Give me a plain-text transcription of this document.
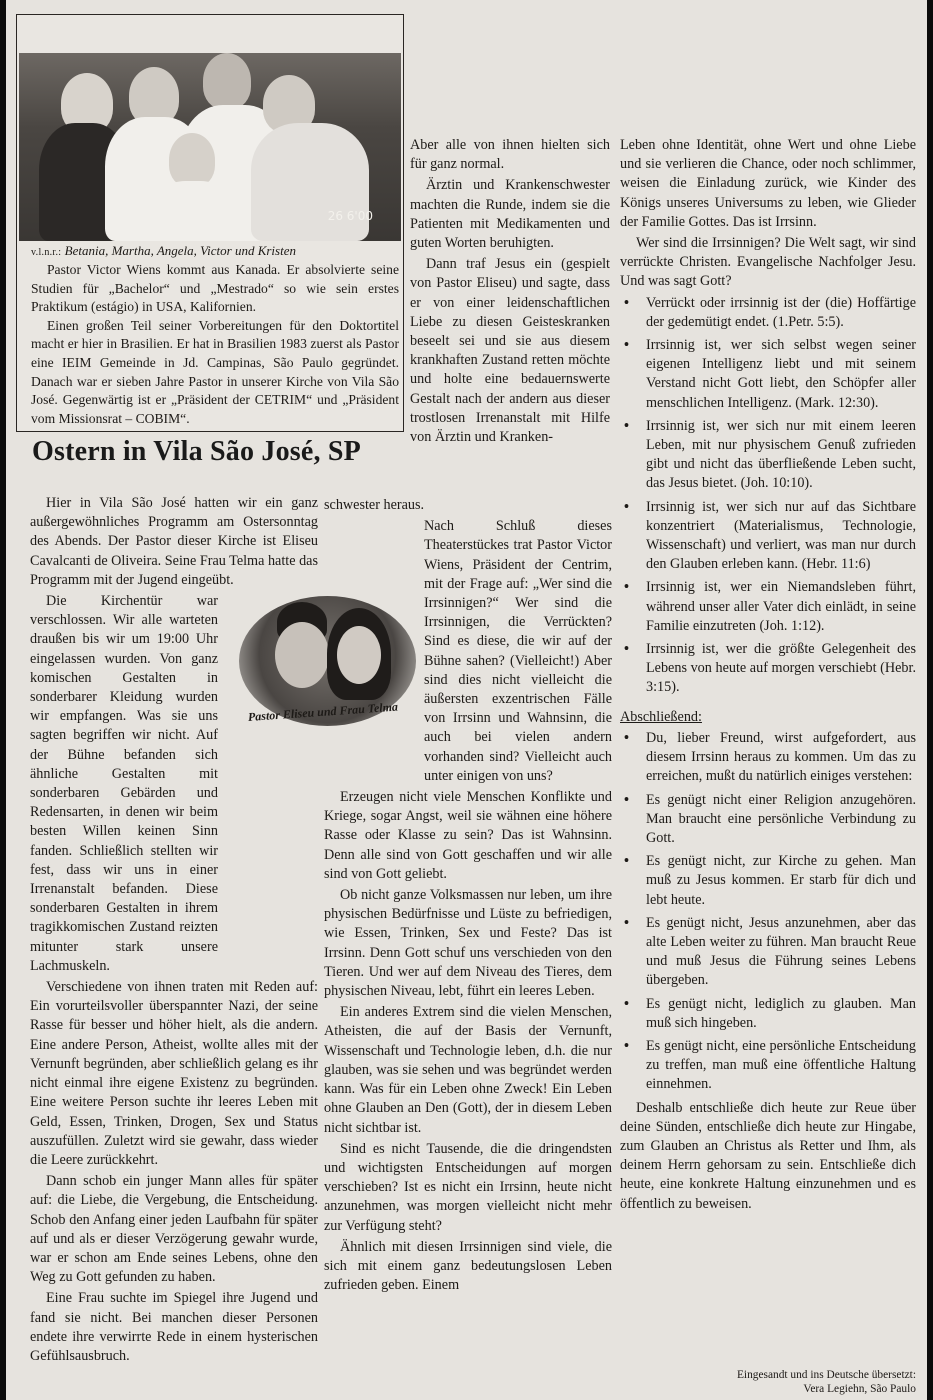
26 6'00
v.l.n.r.: Betania, Martha, Angela, Victor und Kristen

Pastor Victor Wiens kommt aus Kanada. Er absolvierte seine Studien für „Bachelor“ und „Mestrado“ so wie sein erstes Praktikum (estágio) in USA, Kalifornien.

Einen großen Teil seiner Vorbereitungen für den Doktortitel macht er hier in Brasilien. Er hat in Brasilien 1983 zuerst als Pastor eine IEIM Gemeinde in Jd. Campinas, São Paulo gegründet. Danach war er sieben Jahre Pastor in unserer Kirche von Vila São José. Gegenwärtig ist er „Präsident der CETRIM“ und „Präsident vom Missionsrat – COBIM“.

Ostern in Vila São José, SP
Pastor Eliseu und Frau Telma

Hier in Vila São José hatten wir ein ganz außergewöhnliches Programm am Ostersonntag des Abends. Der Pastor dieser Kirche ist Eliseu Cavalcanti de Oliveira. Seine Frau Telma hatte das Programm mit der Jugend eingeübt.

Die Kirchentür war verschlossen. Wir alle warteten draußen bis wir um 19:00 Uhr eingelassen wurden. Von ganz komischen Gestalten in sonderbarer Kleidung wurden wir empfangen. Was sie uns sagten begriffen wir nicht. Auf der Bühne befanden sich ähnliche Gestalten mit sonderbaren Gebärden und Redensarten, in denen wir beim besten Willen keinen Sinn fanden. Schließlich stellten wir fest, dass wir uns in einer Irrenanstalt befanden. Diese sonderbaren Gestalten in ihrem tragikkomischen Zustand reizten mitunter stark unsere Lachmuskeln.

Verschiedene von ihnen traten mit Reden auf: Ein vorurteilsvoller überspannter Nazi, der seine Rasse für besser und höher hielt, als die andern. Eine andere Person, Atheist, wollte alles mit der Vernunft begründen, aber schließlich gelang es ihr nicht einmal ihre eigene Existenz zu begründen. Eine weitere Person suchte ihr leeres Leben mit Geld, Essen, Trinken, Drogen, Sex und Status auszufüllen. Zuletzt wird sie gewahr, dass wieder die Leere zurückkehrt.

Dann schob ein junger Mann alles für später auf: die Liebe, die Vergebung, die Entscheidung. Schob den Anfang einer jeden Laufbahn für später auf und als er dieser Verzögerung gewahr wurde, war er schon am Ende seines Lebens, ohne den Weg zu Gott gefunden zu haben.

Eine Frau suchte im Spiegel ihre Jugend und fand sie nicht. Bei manchen dieser Personen endete ihre verwirrte Rede in einem hysterischen Gefühlsausbruch.

Aber alle von ihnen hielten sich für ganz normal.

Ärztin und Krankenschwester machten die Runde, indem sie die Patienten mit Medikamenten und guten Worten beruhigten.

Dann traf Jesus ein (gespielt von Pastor Eliseu) und sagte, dass er von einer leidenschaftlichen Liebe zu diesen Geisteskranken beseelt sei und sie aus diesem krankhaften Zustand retten möchte und holte eine bedauernswerte Gestalt nach der andern aus dieser trostlosen Irrenanstalt mit Hilfe von Ärztin und Kranken-

schwester heraus.

Nach Schluß dieses Theaterstückes trat Pastor Victor Wiens, Präsident der Centrim, mit der Frage auf: „Wer sind die Irrsinnigen?“ Wer sind die Irrsinnigen, die Verrückten? Sind es diese, die wir auf der Bühne sahen? (Vielleicht!) Aber sind dies nicht vielleicht die äußersten exzentrischen Fälle von Irrsinn und Wahnsinn, die auch bei vielen andern vorhanden sind? Vielleicht auch unter einigen von uns?

Erzeugen nicht viele Menschen Konflikte und Kriege, sogar Angst, weil sie wähnen eine höhere Rasse oder Klasse zu sein? Das ist Wahnsinn. Denn alle sind von Gott geschaffen und wir alle sind von Gott geliebt.

Ob nicht ganze Volksmassen nur leben, um ihre physischen Bedürfnisse und Lüste zu befriedigen, wie Essen, Trinken, Sex und Feste? Das ist Irrsinn. Denn Gott schuf uns verschieden von den Tieren. Und wer auf dem Niveau des Tieres, dem physischen Niveau, lebt, führt ein leeres Leben.

Ein anderes Extrem sind die vielen Menschen, Atheisten, die auf der Basis der Vernunft, Wissenschaft und Technologie leben, d.h. die nur glauben, was sie sehen und was begründet werden kann. Was für ein Leben ohne Zweck! Ein Leben ohne Glauben an Den (Gott), der in diesem Leben nicht sichtbar ist.

Sind es nicht Tausende, die die dringendsten und wichtigsten Entscheidungen auf morgen verschieben? Ist es nicht ein Irrsinn, heute nicht anzunehmen, was morgen vielleicht nicht mehr zur Verfügung steht?

Ähnlich mit diesen Irrsinnigen sind viele, die sich mit einem ganz bedeutungslosen Leben zufrieden geben. Einem

Leben ohne Identität, ohne Wert und ohne Liebe und sie verlieren die Chance, oder noch schlimmer, weisen die Einladung zurück, wie Kinder des Königs unseres Universums zu leben, wie Glieder der Familie Gottes. Das ist Irrsinn.

Wer sind die Irrsinnigen? Die Welt sagt, wir sind verrückte Christen. Evangelische Nachfolger Jesu. Und was sagt Gott?

• Verrückt oder irrsinnig ist der (die) Hoffärtige der gedemütigt endet. (1.Petr. 5:5).

• Irrsinnig ist, wer sich selbst wegen seiner eigenen Intelligenz liebt und mit seinem Verstand nicht Gott liebt, den Schöpfer aller menschlichen Intelligenz. (Mark. 12:30).

• Irrsinnig ist, wer sich nur mit einem leeren Leben, mit nur physischem Genuß zufrieden gibt und nicht das überfließende Leben sucht, das Jesus bietet. (Joh. 10:10).

• Irrsinnig ist, wer sich nur auf das Sichtbare konzentriert (Materialismus, Technologie, Wissenschaft) und verliert, was man nur durch den Glauben erleben kann. (Hebr. 11:6)

• Irrsinnig ist, wer ein Niemandsleben führt, während unser aller Vater dich einlädt, in seine Familie einzutreten (Joh. 1:12).

• Irrsinnig ist, wer die größte Gelegenheit des Lebens von heute auf morgen verschiebt (Hebr. 3:15).

Abschließend:

• Du, lieber Freund, wirst aufgefordert, aus diesem Irrsinn heraus zu kommen. Um das zu erreichen, mußt du natürlich einiges verstehen:

• Es genügt nicht einer Religion anzugehören. Man braucht eine persönliche Verbindung zu Gott.

• Es genügt nicht, zur Kirche zu gehen. Man muß zu Jesus kommen. Er starb für dich und lebt heute.

• Es genügt nicht, Jesus anzunehmen, aber das alte Leben weiter zu führen. Man braucht Reue und muß Jesus die Führung seines Lebens übergeben.

• Es genügt nicht, lediglich zu glauben. Man muß sich hingeben.

• Es genügt nicht, eine persönliche Entscheidung zu treffen, man muß eine öffentliche Haltung einnehmen.

Deshalb entschließe dich heute zur Reue über deine Sünden, entschließe dich heute zur Hingabe, zum Glauben an Christus als Retter und Ihm, als deinem Herrn gehorsam zu sein. Entschließe dich heute, eine konkrete Haltung einzunehmen und es öffentlich zu beweisen.

Eingesandt und ins Deutsche übersetzt:
Vera Legiehn, São Paulo
